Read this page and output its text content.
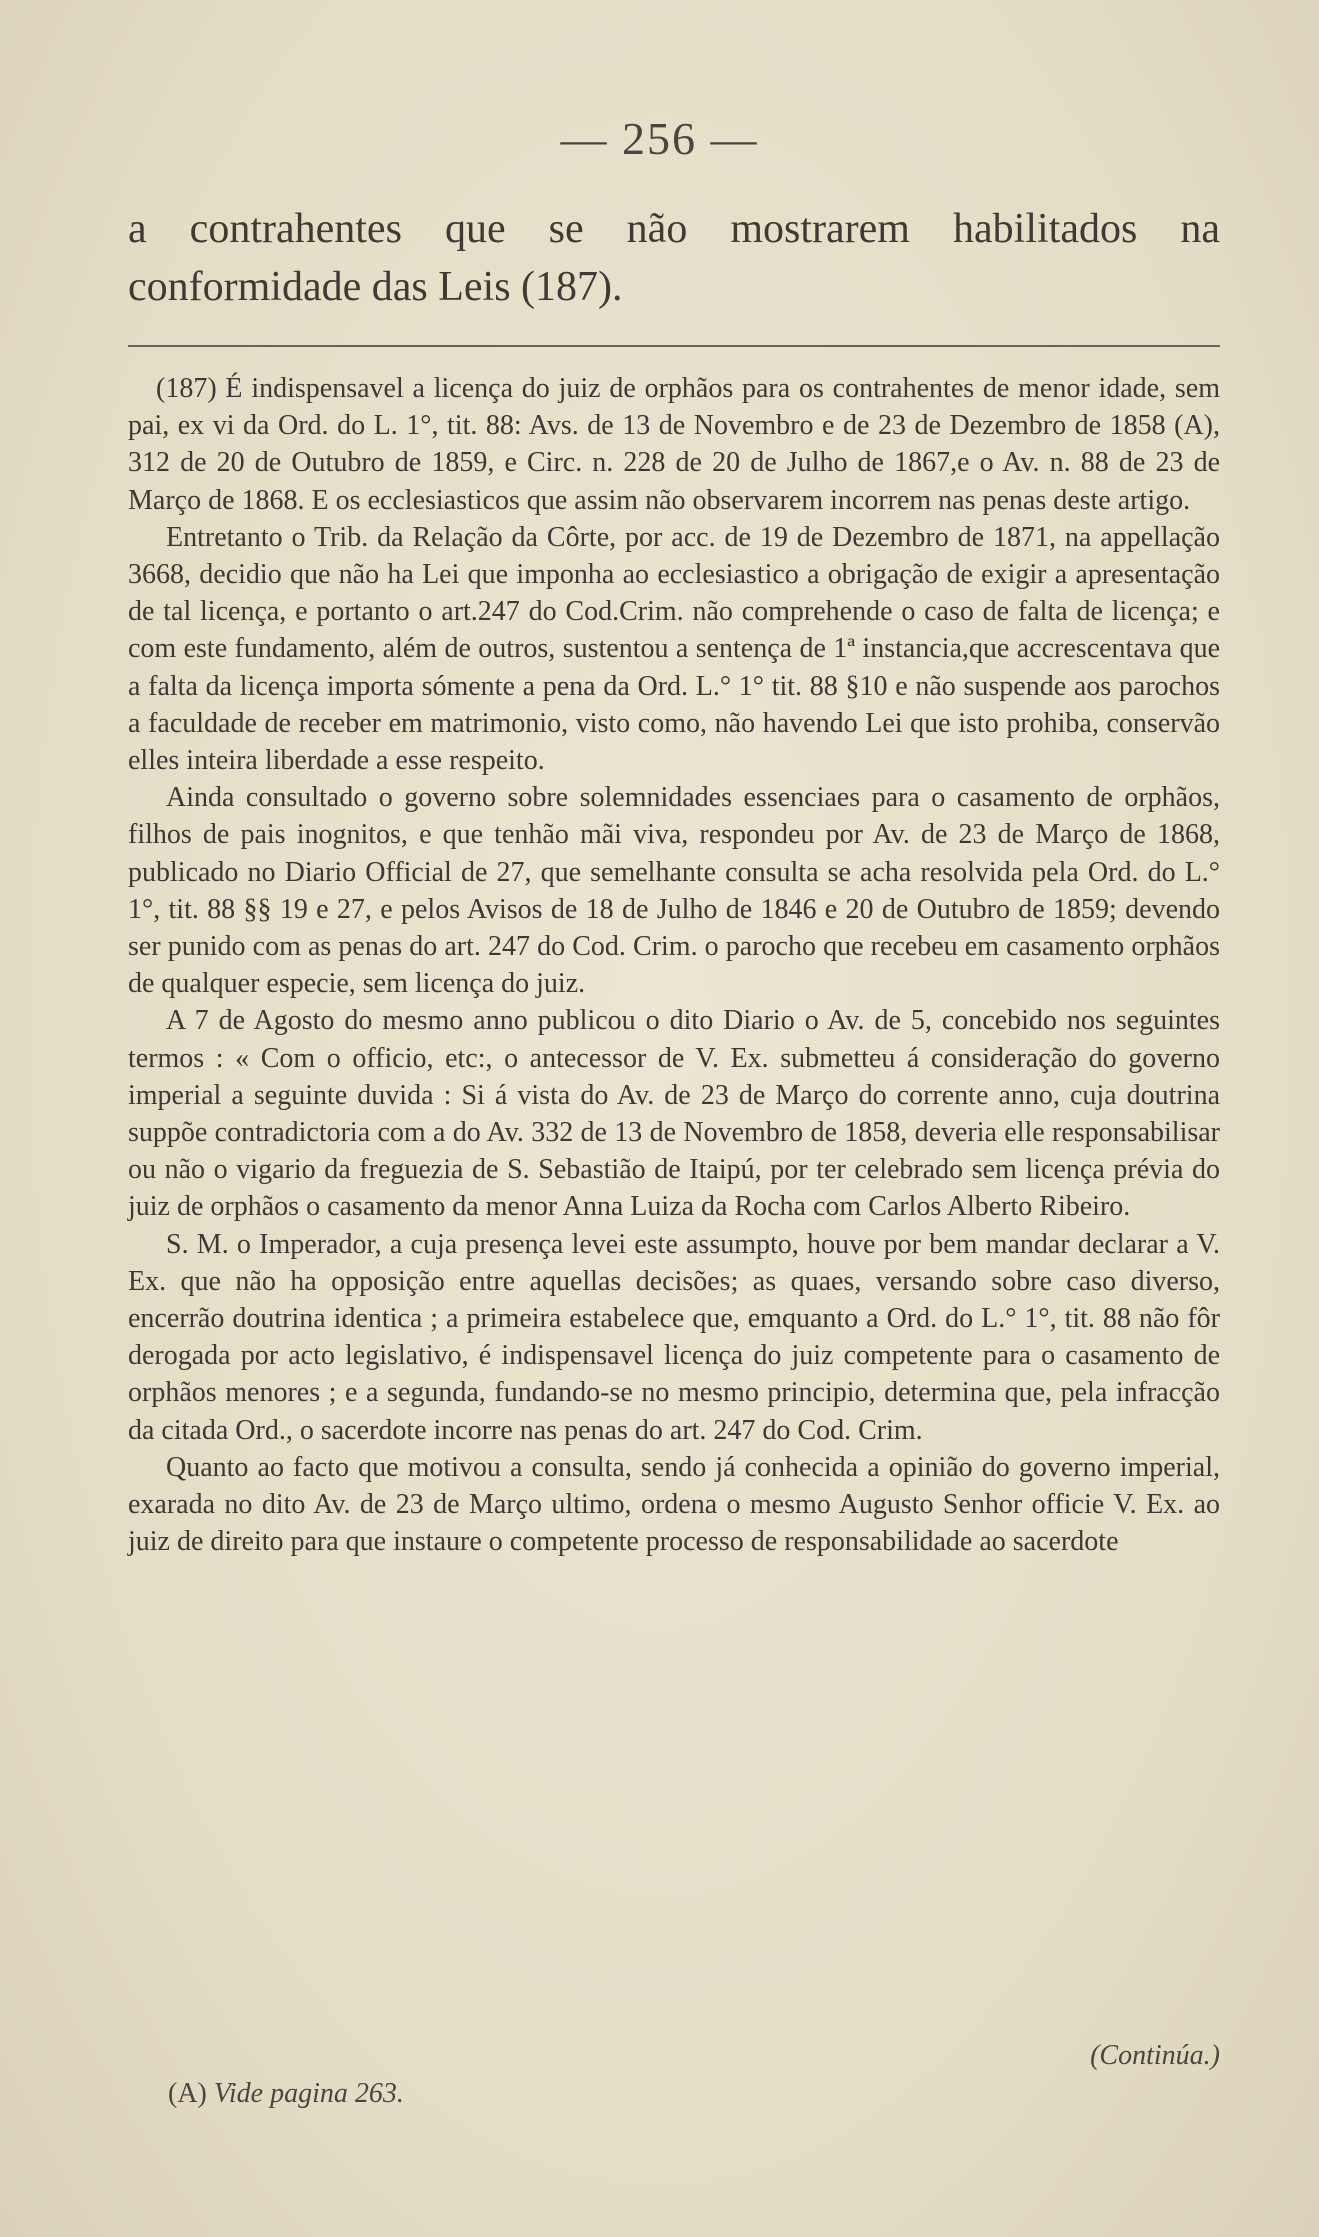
— 256 —
a contrahentes que se não mostrarem habilitados na conformidade das Leis (187).

(187) É indispensavel a licença do juiz de orphãos para os contrahentes de menor idade, sem pai, ex vi da Ord. do L. 1°, tit. 88: Avs. de 13 de Novembro e de 23 de Dezembro de 1858 (A), 312 de 20 de Outubro de 1859, e Circ. n. 228 de 20 de Julho de 1867,e o Av. n. 88 de 23 de Março de 1868. E os ecclesiasticos que assim não observarem incorrem nas penas deste artigo.

Entretanto o Trib. da Relação da Côrte, por acc. de 19 de Dezembro de 1871, na appellação 3668, decidio que não ha Lei que imponha ao ecclesiastico a obrigação de exigir a apresentação de tal licença, e portanto o art.247 do Cod.Crim. não comprehende o caso de falta de licença; e com este fundamento, além de outros, sustentou a sentença de 1ª instancia,que accrescentava que a falta da licença importa sómente a pena da Ord. L.° 1° tit. 88 §10 e não suspende aos parochos a faculdade de receber em matrimonio, visto como, não havendo Lei que isto prohiba, conservão elles inteira liberdade a esse respeito.

Ainda consultado o governo sobre solemnidades essenciaes para o casamento de orphãos, filhos de pais inognitos, e que tenhão mãi viva, respondeu por Av. de 23 de Março de 1868, publicado no Diario Official de 27, que semelhante consulta se acha resolvida pela Ord. do L.° 1°, tit. 88 §§ 19 e 27, e pelos Avisos de 18 de Julho de 1846 e 20 de Outubro de 1859; devendo ser punido com as penas do art. 247 do Cod. Crim. o parocho que recebeu em casamento orphãos de qualquer especie, sem licença do juiz.

A 7 de Agosto do mesmo anno publicou o dito Diario o Av. de 5, concebido nos seguintes termos : « Com o officio, etc:, o antecessor de V. Ex. submetteu á consideração do governo imperial a seguinte duvida : Si á vista do Av. de 23 de Março do corrente anno, cuja doutrina suppõe contradictoria com a do Av. 332 de 13 de Novembro de 1858, deveria elle responsabilisar ou não o vigario da freguezia de S. Sebastião de Itaipú, por ter celebrado sem licença prévia do juiz de orphãos o casamento da menor Anna Luiza da Rocha com Carlos Alberto Ribeiro.

S. M. o Imperador, a cuja presença levei este assumpto, houve por bem mandar declarar a V. Ex. que não ha opposição entre aquellas decisões; as quaes, versando sobre caso diverso, encerrão doutrina identica ; a primeira estabelece que, emquanto a Ord. do L.° 1°, tit. 88 não fôr derogada por acto legislativo, é indispensavel licença do juiz competente para o casamento de orphãos menores ; e a segunda, fundando-se no mesmo principio, determina que, pela infracção da citada Ord., o sacerdote incorre nas penas do art. 247 do Cod. Crim.

Quanto ao facto que motivou a consulta, sendo já conhecida a opinião do governo imperial, exarada no dito Av. de 23 de Março ultimo, ordena o mesmo Augusto Senhor officie V. Ex. ao juiz de direito para que instaure o competente processo de responsabilidade ao sacerdote

(Continúa.)
(A) Vide pagina 263.
